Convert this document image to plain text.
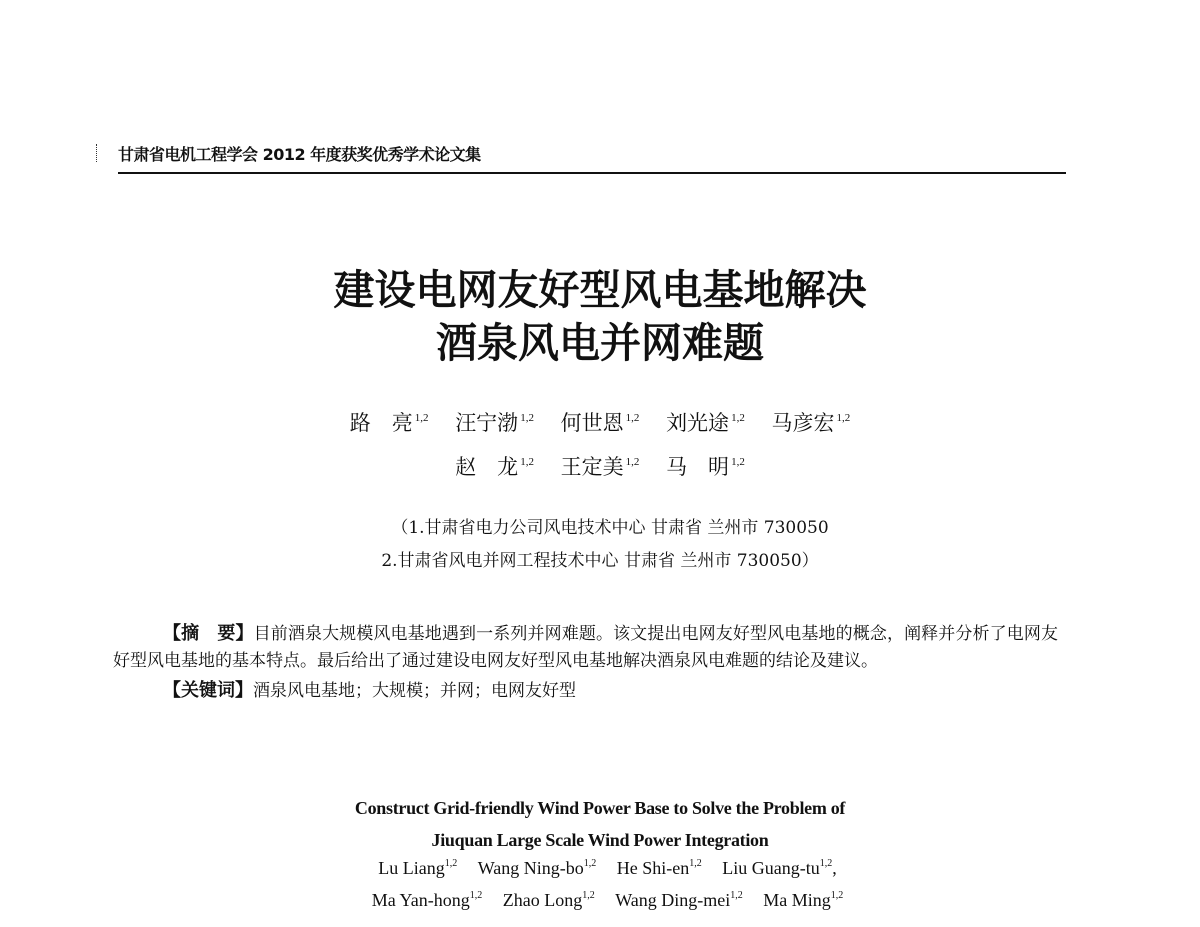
甘肃省电机工程学会 2012 年度获奖优秀学术论文集
建设电网友好型风电基地解决
酒泉风电并网难题
路　亮 $^{1,2}$ 汪宁渤 $^{1,2}$ 何世恩 $^{1,2}$ 刘光途 $^{1,2}$ 马彦宏 $^{1,2}$
赵　龙 $^{1,2}$ 王定美 $^{1,2}$ 马　明 $^{1,2}$
（1.甘肃省电力公司风电技术中心 甘肃省 兰州市 730050
2.甘肃省风电并网工程技术中心 甘肃省 兰州市 730050）

【摘　要】目前酒泉大规模风电基地遇到一系列并网难题。该文提出电网友好型风电基地的概念，阐释并分析了电网友好型风电基地的基本特点。最后给出了通过建设电网友好型风电基地解决酒泉风电难题的结论及建议。

【关键词】酒泉风电基地；大规模；并网；电网友好型

Construct Grid-friendly Wind Power Base to Solve the Problem of
Jiuquan Large Scale Wind Power Integration
Lu Liang$^{1,2}$ Wang Ning-bo$^{1,2}$ He Shi-en$^{1,2}$ Liu Guang-tu$^{1,2}$,
Ma Yan-hong$^{1,2}$ Zhao Long$^{1,2}$ Wang Ding-mei$^{1,2}$ Ma Ming$^{1,2}$
